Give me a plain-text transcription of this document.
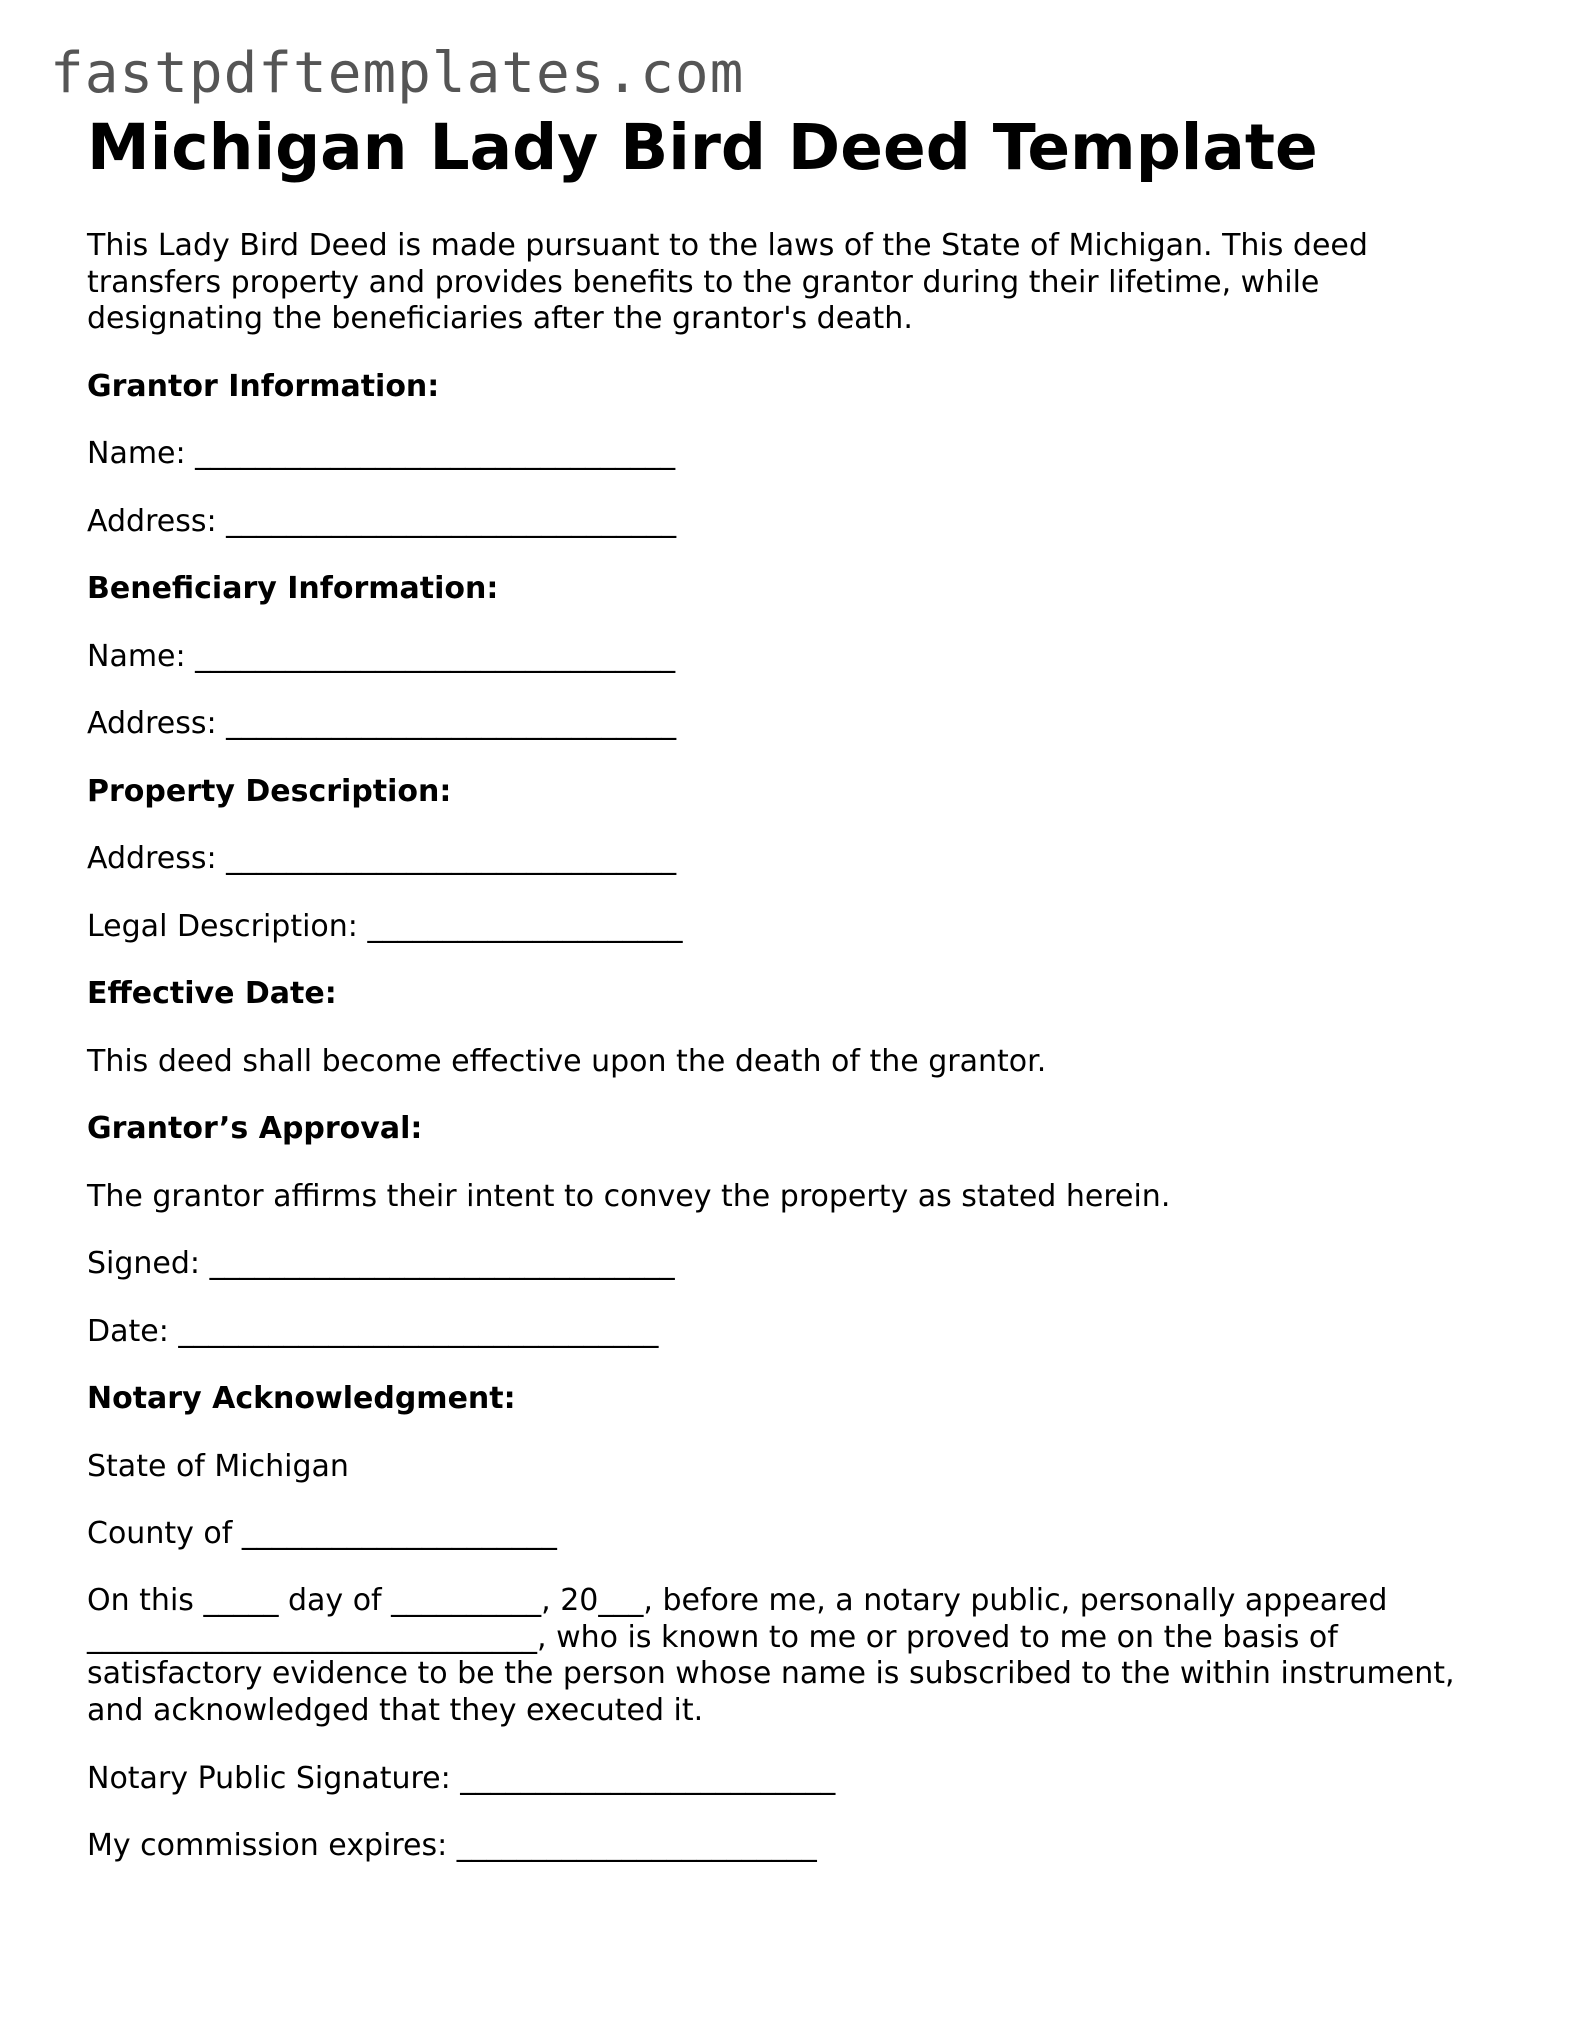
fastpdftemplates.com
Michigan Lady Bird Deed Template

This Lady Bird Deed is made pursuant to the laws of the State of Michigan. This deed transfers property and provides benefits to the grantor during their lifetime, while designating the beneficiaries after the grantor's death.

Grantor Information:
Name: ________________________________
Address: ______________________________
Beneficiary Information:
Name: ________________________________
Address: ______________________________
Property Description:
Address: ______________________________
Legal Description: _____________________
Effective Date:
This deed shall become effective upon the death of the grantor.
Grantor’s Approval:
The grantor affirms their intent to convey the property as stated herein.
Signed: _______________________________
Date: ________________________________
Notary Acknowledgment:
State of Michigan
County of _____________________
On this _____ day of __________, 20___, before me, a notary public, personally appeared ______________________________, who is known to me or proved to me on the basis of satisfactory evidence to be the person whose name is subscribed to the within instrument, and acknowledged that they executed it.
Notary Public Signature: _________________________
My commission expires: ________________________
